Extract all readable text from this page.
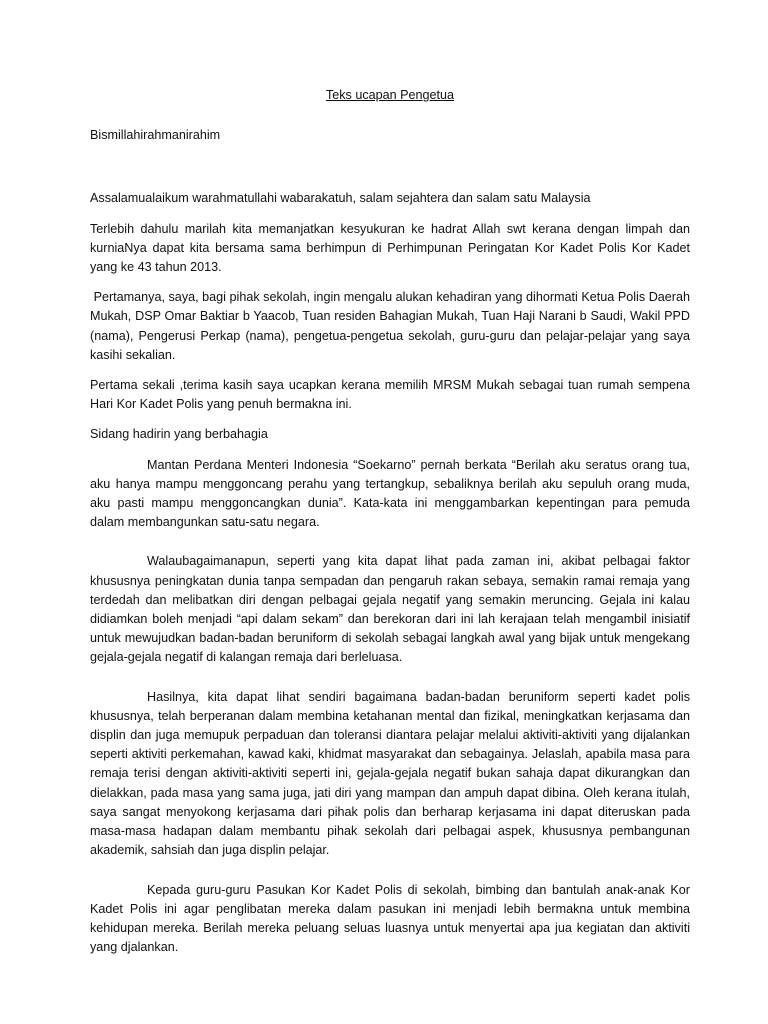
Teks ucapan Pengetua

Bismillahirahmanirahim

Assalamualaikum warahmatullahi wabarakatuh, salam sejahtera dan salam satu Malaysia

Terlebih dahulu marilah kita memanjatkan kesyukuran ke hadrat Allah swt kerana dengan limpah dan kurniaNya dapat kita bersama sama berhimpun di Perhimpunan Peringatan Kor Kadet Polis Kor Kadet yang ke 43 tahun 2013.

Pertamanya, saya, bagi pihak sekolah, ingin mengalu alukan kehadiran yang dihormati Ketua Polis Daerah Mukah, DSP Omar Baktiar b Yaacob, Tuan residen Bahagian Mukah, Tuan Haji Narani b Saudi, Wakil PPD (nama), Pengerusi Perkap (nama), pengetua-pengetua sekolah, guru-guru dan pelajar-pelajar yang saya kasihi sekalian.

Pertama sekali ,terima kasih saya ucapkan kerana memilih MRSM Mukah sebagai tuan rumah sempena Hari Kor Kadet Polis yang penuh bermakna ini.

Sidang hadirin yang berbahagia

Mantan Perdana Menteri Indonesia “Soekarno” pernah berkata “Berilah aku seratus orang tua, aku hanya mampu menggoncang perahu yang tertangkup, sebaliknya berilah aku sepuluh orang muda, aku pasti mampu menggoncangkan dunia”. Kata-kata ini menggambarkan kepentingan para pemuda dalam membangunkan satu-satu negara.

Walaubagaimanapun, seperti yang kita dapat lihat pada zaman ini, akibat pelbagai faktor khususnya peningkatan dunia tanpa sempadan dan pengaruh rakan sebaya, semakin ramai remaja yang terdedah dan melibatkan diri dengan pelbagai gejala negatif yang semakin meruncing. Gejala ini kalau didiamkan boleh menjadi “api dalam sekam” dan berekoran dari ini lah kerajaan telah mengambil inisiatif untuk mewujudkan badan-badan beruniform di sekolah sebagai langkah awal yang bijak untuk mengekang gejala-gejala negatif di kalangan remaja dari berleluasa.

Hasilnya, kita dapat lihat sendiri bagaimana badan-badan beruniform seperti kadet polis khususnya, telah berperanan dalam membina ketahanan mental dan fizikal, meningkatkan kerjasama dan displin dan juga memupuk perpaduan dan toleransi diantara pelajar melalui aktiviti-aktiviti yang dijalankan seperti aktiviti perkemahan, kawad kaki, khidmat masyarakat dan sebagainya. Jelaslah, apabila masa para remaja terisi dengan aktiviti-aktiviti seperti ini, gejala-gejala negatif bukan sahaja dapat dikurangkan dan dielakkan, pada masa yang sama juga, jati diri yang mampan dan ampuh dapat dibina. Oleh kerana itulah, saya sangat menyokong kerjasama dari pihak polis dan berharap kerjasama ini dapat diteruskan pada masa-masa hadapan dalam membantu pihak sekolah dari pelbagai aspek, khususnya pembangunan akademik, sahsiah dan juga displin pelajar.

Kepada guru-guru Pasukan Kor Kadet Polis di sekolah, bimbing dan bantulah anak-anak Kor Kadet Polis ini agar penglibatan mereka dalam pasukan ini menjadi lebih bermakna untuk membina kehidupan mereka. Berilah mereka peluang seluas luasnya untuk menyertai apa jua kegiatan dan aktiviti yang djalankan.
